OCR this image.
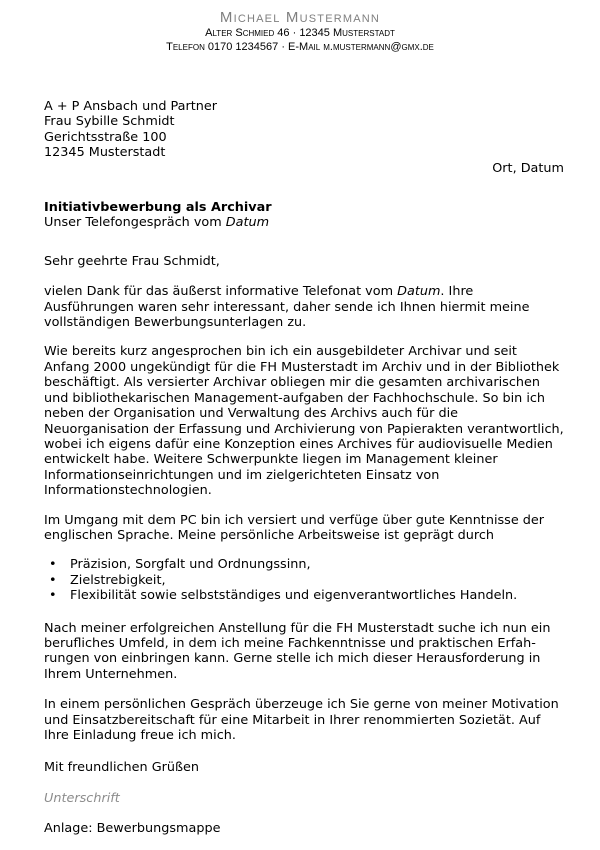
Michael Mustermann
Alter Schmied 46 · 12345 Musterstadt
Telefon 0170 1234567 · E-Mail m.mustermann@gmx.de
A + P Ansbach und Partner
Frau Sybille Schmidt
Gerichtsstraße 100
12345 Musterstadt
Ort, Datum
Initiativbewerbung als Archivar
Unser Telefongespräch vom Datum
Sehr geehrte Frau Schmidt,

vielen Dank für das äußerst informative Telefonat vom Datum. Ihre Ausführungen waren sehr interessant, daher sende ich Ihnen hiermit meine vollständigen Bewerbungsunterlagen zu.

Wie bereits kurz angesprochen bin ich ein ausgebildeter Archivar und seit Anfang 2000 ungekündigt für die FH Musterstadt im Archiv und in der Bibliothek beschäftigt. Als versierter Archivar obliegen mir die gesamten archivarischen und bibliothekarischen Management-aufgaben der Fachhochschule. So bin ich neben der Organisation und Verwaltung des Archivs auch für die Neuorganisation der Erfassung und Archivierung von Papierakten verantwortlich, wobei ich eigens dafür eine Konzeption eines Archives für audiovisuelle Medien entwickelt habe. Weitere Schwerpunkte liegen im Management kleiner Informationseinrichtungen und im zielgerichteten Einsatz von Informationstechnologien.

Im Umgang mit dem PC bin ich versiert und verfüge über gute Kenntnisse der englischen Sprache. Meine persönliche Arbeitsweise ist geprägt durch

• Präzision, Sorgfalt und Ordnungssinn,
• Zielstrebigkeit,
• Flexibilität sowie selbstständiges und eigenverantwortliches Handeln.

Nach meiner erfolgreichen Anstellung für die FH Musterstadt suche ich nun ein berufliches Umfeld, in dem ich meine Fachkenntnisse und praktischen Erfah-rungen von einbringen kann. Gerne stelle ich mich dieser Herausforderung in Ihrem Unternehmen.

In einem persönlichen Gespräch überzeuge ich Sie gerne von meiner Motivation und Einsatzbereitschaft für eine Mitarbeit in Ihrer renommierten Sozietät. Auf Ihre Einladung freue ich mich.

Mit freundlichen Grüßen
Unterschrift
Anlage: Bewerbungsmappe
